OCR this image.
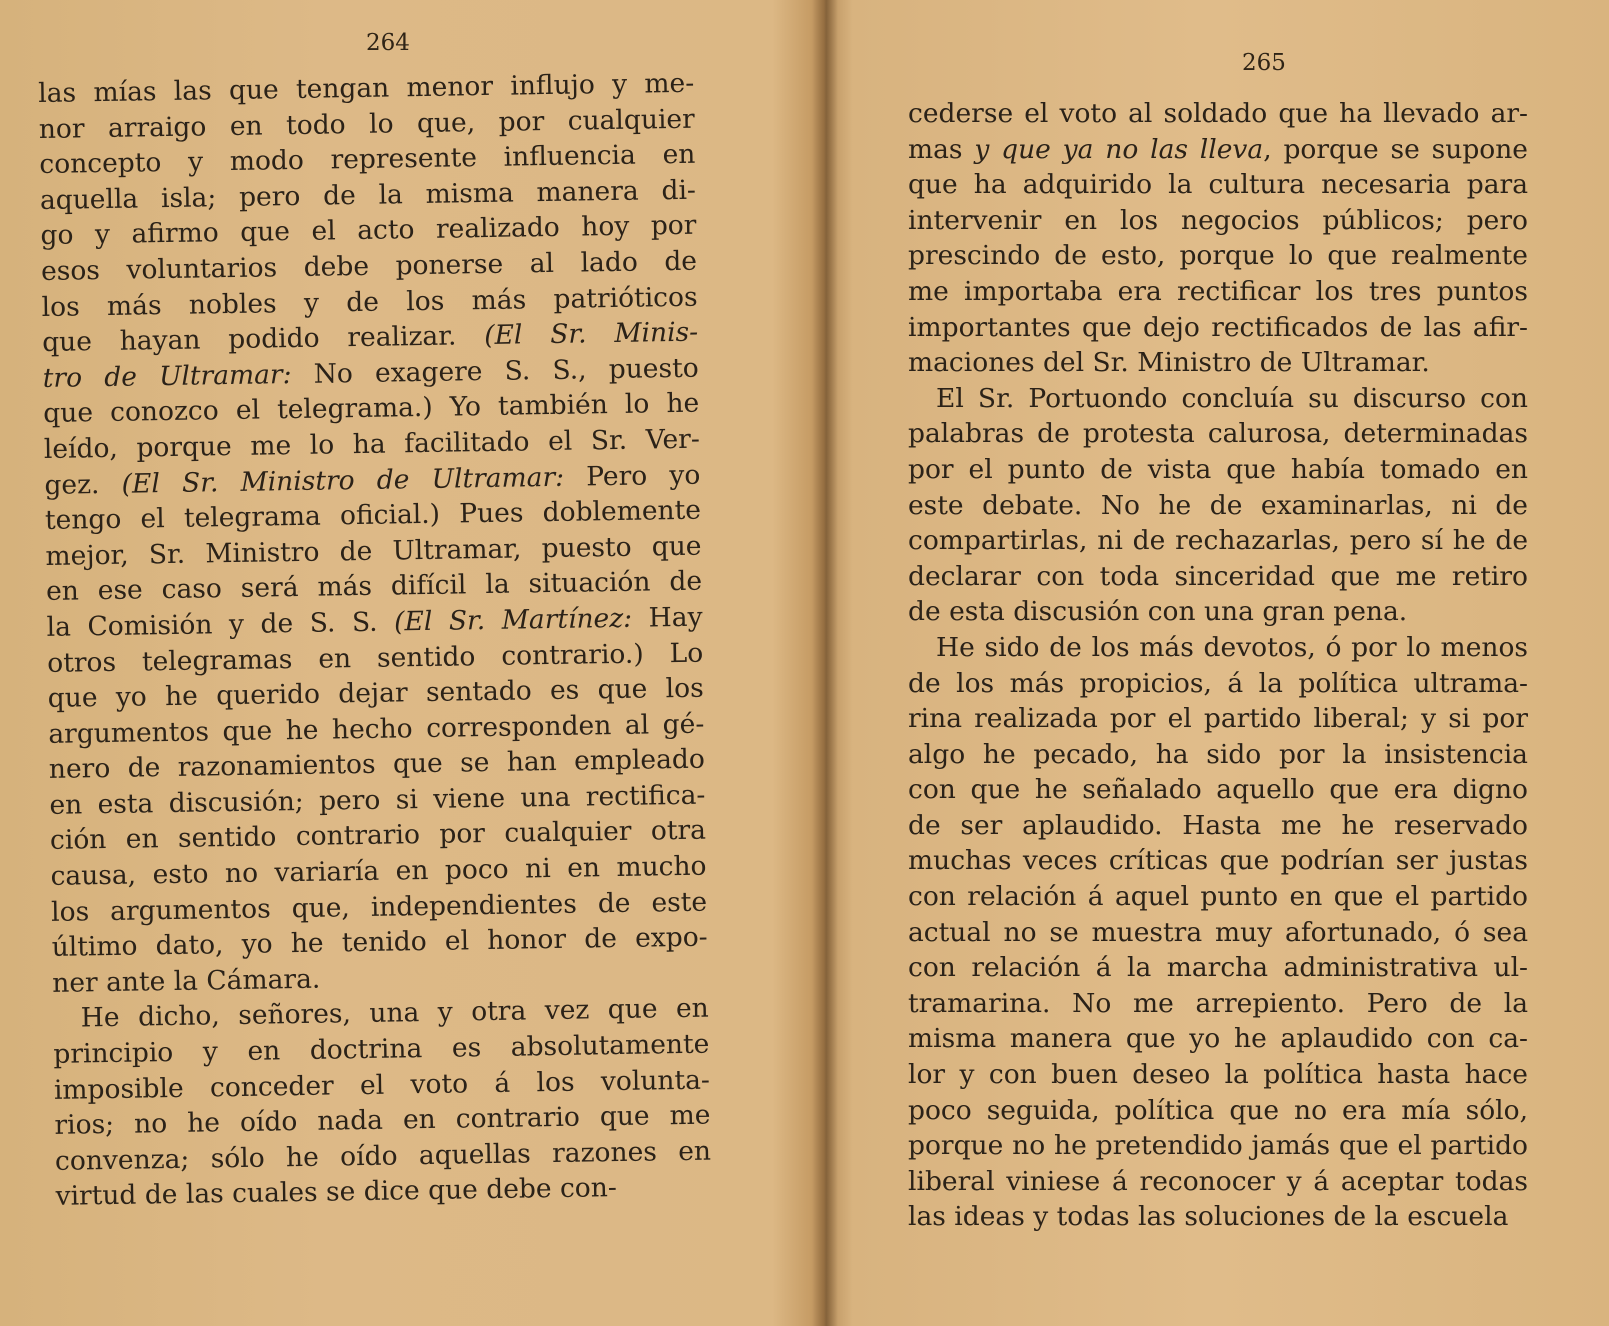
264

las mías las que tengan menor influjo y me-
nor arraigo en todo lo que, por cualquier
concepto y modo represente influencia en
aquella isla; pero de la misma manera di-
go y afirmo que el acto realizado hoy por
esos voluntarios debe ponerse al lado de
los más nobles y de los más patrióticos
que hayan podido realizar. (El Sr. Minis-
tro de Ultramar: No exagere S. S., puesto
que conozco el telegrama.) Yo también lo he
leído, porque me lo ha facilitado el Sr. Ver-
gez. (El Sr. Ministro de Ultramar: Pero yo
tengo el telegrama oficial.) Pues doblemente
mejor, Sr. Ministro de Ultramar, puesto que
en ese caso será más difícil la situación de
la Comisión y de S. S. (El Sr. Martínez: Hay
otros telegramas en sentido contrario.) Lo
que yo he querido dejar sentado es que los
argumentos que he hecho corresponden al gé-
nero de razonamientos que se han empleado
en esta discusión; pero si viene una rectifica-
ción en sentido contrario por cualquier otra
causa, esto no variaría en poco ni en mucho
los argumentos que, independientes de este
último dato, yo he tenido el honor de expo-
ner ante la Cámara.
He dicho, señores, una y otra vez que en
principio y en doctrina es absolutamente
imposible conceder el voto á los volunta-
rios; no he oído nada en contrario que me
convenza; sólo he oído aquellas razones en
virtud de las cuales se dice que debe con-

265

cederse el voto al soldado que ha llevado ar-
mas y que ya no las lleva, porque se supone
que ha adquirido la cultura necesaria para
intervenir en los negocios públicos; pero
prescindo de esto, porque lo que realmente
me importaba era rectificar los tres puntos
importantes que dejo rectificados de las afir-
maciones del Sr. Ministro de Ultramar.
El Sr. Portuondo concluía su discurso con
palabras de protesta calurosa, determinadas
por el punto de vista que había tomado en
este debate. No he de examinarlas, ni de
compartirlas, ni de rechazarlas, pero sí he de
declarar con toda sinceridad que me retiro
de esta discusión con una gran pena.
He sido de los más devotos, ó por lo menos
de los más propicios, á la política ultrama-
rina realizada por el partido liberal; y si por
algo he pecado, ha sido por la insistencia
con que he señalado aquello que era digno
de ser aplaudido. Hasta me he reservado
muchas veces críticas que podrían ser justas
con relación á aquel punto en que el partido
actual no se muestra muy afortunado, ó sea
con relación á la marcha administrativa ul-
tramarina. No me arrepiento. Pero de la
misma manera que yo he aplaudido con ca-
lor y con buen deseo la política hasta hace
poco seguida, política que no era mía sólo,
porque no he pretendido jamás que el partido
liberal viniese á reconocer y á aceptar todas
las ideas y todas las soluciones de la escuela
